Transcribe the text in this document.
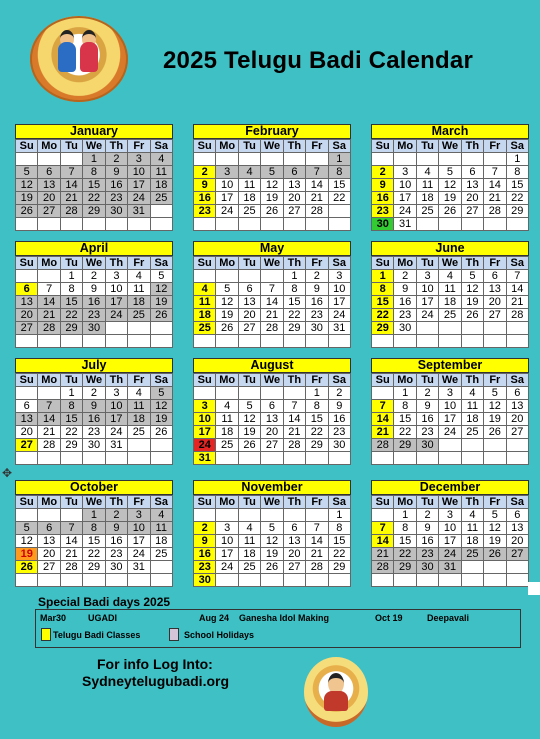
2025 Telugu Badi Calendar
January
Su	Mo	Tu	We	Th	Fr	Sa
			1	2	3	4
5	6	7	8	9	10	11
12	13	14	15	16	17	18
19	20	21	22	23	24	25
26	27	28	29	30	31	

February
Su	Mo	Tu	We	Th	Fr	Sa
						1
2	3	4	5	6	7	8
9	10	11	12	13	14	15
16	17	18	19	20	21	22
23	24	25	26	27	28	

March
Su	Mo	Tu	We	Th	Fr	Sa
						1
2	3	4	5	6	7	8
9	10	11	12	13	14	15
16	17	18	19	20	21	22
23	24	25	26	27	28	29
30	31					
April
Su	Mo	Tu	We	Th	Fr	Sa
		1	2	3	4	5
6	7	8	9	10	11	12
13	14	15	16	17	18	19
20	21	22	23	24	25	26
27	28	29	30			

May
Su	Mo	Tu	We	Th	Fr	Sa
				1	2	3
4	5	6	7	8	9	10
11	12	13	14	15	16	17
18	19	20	21	22	23	24
25	26	27	28	29	30	31

June
Su	Mo	Tu	We	Th	Fr	Sa
1	2	3	4	5	6	7
8	9	10	11	12	13	14
15	16	17	18	19	20	21
22	23	24	25	26	27	28
29	30					

July
Su	Mo	Tu	We	Th	Fr	Sa
		1	2	3	4	5
6	7	8	9	10	11	12
13	14	15	16	17	18	19
20	21	22	23	24	25	26
27	28	29	30	31		

August
Su	Mo	Tu	We	Th	Fr	Sa
					1	2
3	4	5	6	7	8	9
10	11	12	13	14	15	16
17	18	19	20	21	22	23
24	25	26	27	28	29	30
31						
September
Su	Mo	Tu	We	Th	Fr	Sa
	1	2	3	4	5	6
7	8	9	10	11	12	13
14	15	16	17	18	19	20
21	22	23	24	25	26	27
28	29	30				

October
Su	Mo	Tu	We	Th	Fr	Sa
			1	2	3	4
5	6	7	8	9	10	11
12	13	14	15	16	17	18
19	20	21	22	23	24	25
26	27	28	29	30	31	

November
Su	Mo	Tu	We	Th	Fr	Sa
						1
2	3	4	5	6	7	8
9	10	11	12	13	14	15
16	17	18	19	20	21	22
23	24	25	26	27	28	29
30						
December
Su	Mo	Tu	We	Th	Fr	Sa
	1	2	3	4	5	6
7	8	9	10	11	12	13
14	15	16	17	18	19	20
21	22	23	24	25	26	27
28	29	30	31			

✥
Special Badi days 2025
Mar30 UGADI	Aug 24 Ganesha Idol Making	Oct 19	Deepavali
Telugu Badi Classes	School Holidays
For info Log Into:
Sydneytelugubadi.org
